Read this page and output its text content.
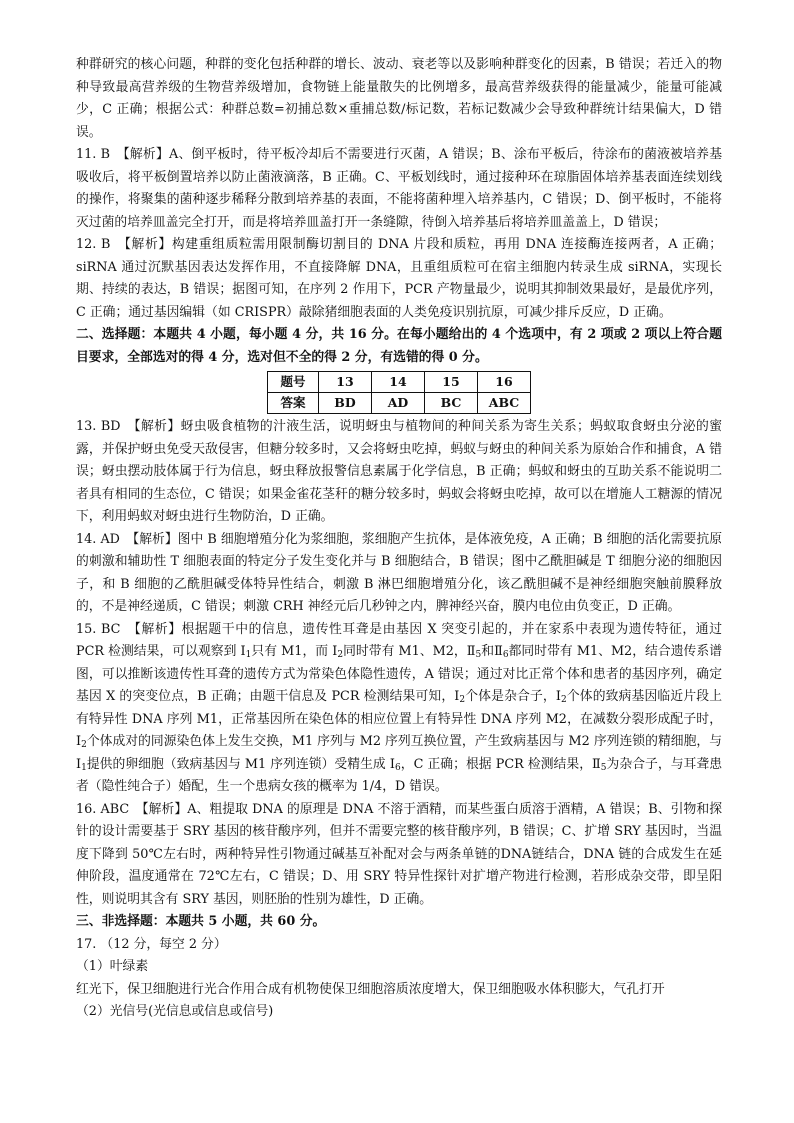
种群研究的核心问题，种群的变化包括种群的增长、波动、衰老等以及影响种群变化的因素，B 错误；若迁入的物种导致最高营养级的生物营养级增加，食物链上能量散失的比例增多，最高营养级获得的能量减少，能量可能减少，C 正确；根据公式：种群总数=初捕总数×重捕总数/标记数，若标记数减少会导致种群统计结果偏大，D 错误。

11. B　【解析】A、倒平板时，待平板冷却后不需要进行灭菌，A 错误；B、涂布平板后，待涂布的菌液被培养基吸收后，将平板倒置培养以防止菌液滴落，B 正确。C、平板划线时，通过接种环在琼脂固体培养基表面连续划线的操作，将聚集的菌种逐步稀释分散到培养基的表面，不能将菌种埋入培养基内，C 错误；D、倒平板时，不能将灭过菌的培养皿盖完全打开，而是将培养皿盖打开一条缝隙，待倒入培养基后将培养皿盖盖上，D 错误；

12. B　【解析】构建重组质粒需用限制酶切割目的 DNA 片段和质粒，再用 DNA 连接酶连接两者，A 正确；siRNA 通过沉默基因表达发挥作用，不直接降解 DNA，且重组质粒可在宿主细胞内转录生成 siRNA，实现长期、持续的表达，B 错误；据图可知，在序列 2 作用下，PCR 产物量最少，说明其抑制效果最好，是最优序列，C 正确；通过基因编辑（如 CRISPR）敲除猪细胞表面的人类免疫识别抗原，可减少排斥反应，D 正确。

二、选择题：本题共 4 小题，每小题 4 分，共 16 分。在每小题给出的 4 个选项中，有 2 项或 2 项以上符合题目要求，全部选对的得 4 分，选对但不全的得 2 分，有选错的得 0 分。

题号	13	14	15	16
答案	BD	AD	BC	ABC

13. BD　【解析】蚜虫吸食植物的汁液生活，说明蚜虫与植物间的种间关系为寄生关系；蚂蚁取食蚜虫分泌的蜜露，并保护蚜虫免受天敌侵害，但糖分较多时，又会将蚜虫吃掉，蚂蚁与蚜虫的种间关系为原始合作和捕食，A 错误；蚜虫摆动肢体属于行为信息，蚜虫释放报警信息素属于化学信息，B 正确；蚂蚁和蚜虫的互助关系不能说明二者具有相同的生态位，C 错误；如果金雀花茎秆的糖分较多时，蚂蚁会将蚜虫吃掉，故可以在增施人工糖源的情况下，利用蚂蚁对蚜虫进行生物防治，D 正确。

14. AD　【解析】图中 B 细胞增殖分化为浆细胞，浆细胞产生抗体，是体液免疫，A 正确；B 细胞的活化需要抗原的刺激和辅助性 T 细胞表面的特定分子发生变化并与 B 细胞结合，B 错误；图中乙酰胆碱是 T 细胞分泌的细胞因子，和 B 细胞的乙酰胆碱受体特异性结合，刺激 B 淋巴细胞增殖分化，该乙酰胆碱不是神经细胞突触前膜释放的，不是神经递质，C 错误；刺激 CRH 神经元后几秒钟之内，脾神经兴奋，膜内电位由负变正，D 正确。

15. BC　【解析】根据题干中的信息，遗传性耳聋是由基因 X 突变引起的，并在家系中表现为遗传特征，通过 PCR 检测结果，可以观察到 $Ⅰ_1$只有 M1，而 $Ⅰ_2$同时带有 M1、M2，$Ⅱ_5$和$Ⅱ_6$都同时带有 M1、M2，结合遗传系谱图，可以推断该遗传性耳聋的遗传方式为常染色体隐性遗传，A 错误；通过对比正常个体和患者的基因序列，确定基因 X 的突变位点，B 正确；由题干信息及 PCR 检测结果可知，$I_2$个体是杂合子，$I_2$个体的致病基因临近片段上有特异性 DNA 序列 M1，正常基因所在染色体的相应位置上有特异性 DNA 序列 M2，在减数分裂形成配子时，$I_2$个体成对的同源染色体上发生交换，M1 序列与 M2 序列互换位置，产生致病基因与 M2 序列连锁的精细胞，与 $I_1$提供的卵细胞（致病基因与 M1 序列连锁）受精生成 $Ⅰ_6$，C 正确；根据 PCR 检测结果，$Ⅱ_5$为杂合子，与耳聋患者（隐性纯合子）婚配，生一个患病女孩的概率为 1/4，D 错误。

16. ABC　【解析】A、粗提取 DNA 的原理是 DNA 不溶于酒精，而某些蛋白质溶于酒精，A 错误；B、引物和探针的设计需要基于 SRY 基因的核苷酸序列，但并不需要完整的核苷酸序列，B 错误；C、扩增 SRY 基因时，当温度下降到 50℃左右时，两种特异性引物通过碱基互补配对会与两条单链的DNA链结合，DNA 链的合成发生在延伸阶段，温度通常在 72℃左右，C 错误；D、用 SRY 特异性探针对扩增产物进行检测，若形成杂交带，即呈阳性，则说明其含有 SRY 基因，则胚胎的性别为雄性，D 正确。

三、非选择题：本题共 5 小题，共 60 分。

17. （12 分，每空 2 分）

（1）叶绿素

红光下，保卫细胞进行光合作用合成有机物使保卫细胞溶质浓度增大，保卫细胞吸水体积膨大，气孔打开

（2）光信号(光信息或信息或信号)
